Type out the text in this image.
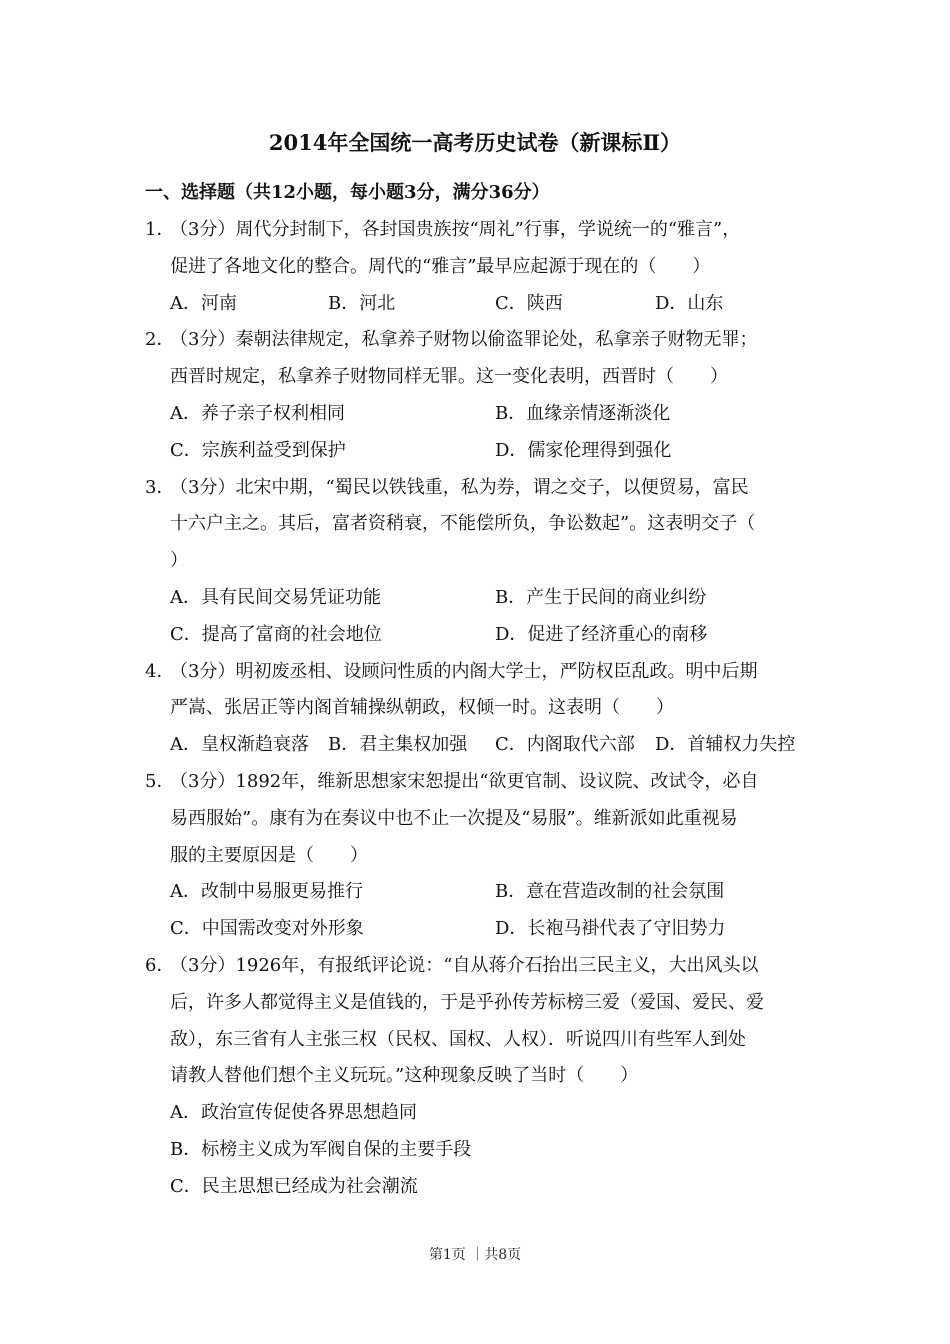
2014年全国统一高考历史试卷（新课标Ⅱ）
一、选择题（共12小题，每小题3分，满分36分）
1．
（3分）周代分封制下，各封国贵族按“周礼”行事，学说统一的“雅言”，
促进了各地文化的整合。周代的“雅言”最早应起源于现在的（　　）
A．河南	B．河北	C．陕西	D．山东
2．
（3分）秦朝法律规定，私拿养子财物以偷盗罪论处，私拿亲子财物无罪；
西晋时规定，私拿养子财物同样无罪。这一变化表明，西晋时（　　）
A．养子亲子权利相同	B．血缘亲情逐渐淡化
C．宗族利益受到保护	D．儒家伦理得到强化
3．
（3分）北宋中期，“蜀民以铁钱重，私为券，谓之交子，以便贸易，富民
十六户主之。其后，富者资稍衰，不能偿所负，争讼数起”。这表明交子（
）
A．具有民间交易凭证功能	B．产生于民间的商业纠纷
C．提高了富商的社会地位	D．促进了经济重心的南移
4．
（3分）明初废丞相、设顾问性质的内阁大学士，严防权臣乱政。明中后期
严嵩、张居正等内阁首辅操纵朝政，权倾一时。这表明（　　）
A．皇权渐趋衰落 B．君主集权加强 C．内阁取代六部 D．首辅权力失控
5．
（3分）1892年，维新思想家宋恕提出“欲更官制、设议院、改试令，必自
易西服始”。康有为在奏议中也不止一次提及“易服”。维新派如此重视易
服的主要原因是（　　）
A．改制中易服更易推行	B．意在营造改制的社会氛围
C．中国需改变对外形象	D．长袍马褂代表了守旧势力
6．
（3分）1926年，有报纸评论说：“自从蒋介石抬出三民主义，大出风头以
后，许多人都觉得主义是值钱的，于是乎孙传芳标榜三爱（爱国、爱民、爱
敌），东三省有人主张三权（民权、国权、人权）．听说四川有些军人到处
请教人替他们想个主义玩玩。”这种现象反映了当时（　　）
A．政治宣传促使各界思想趋同
B．标榜主义成为军阀自保的主要手段
C．民主思想已经成为社会潮流
第1页 ｜共8页
